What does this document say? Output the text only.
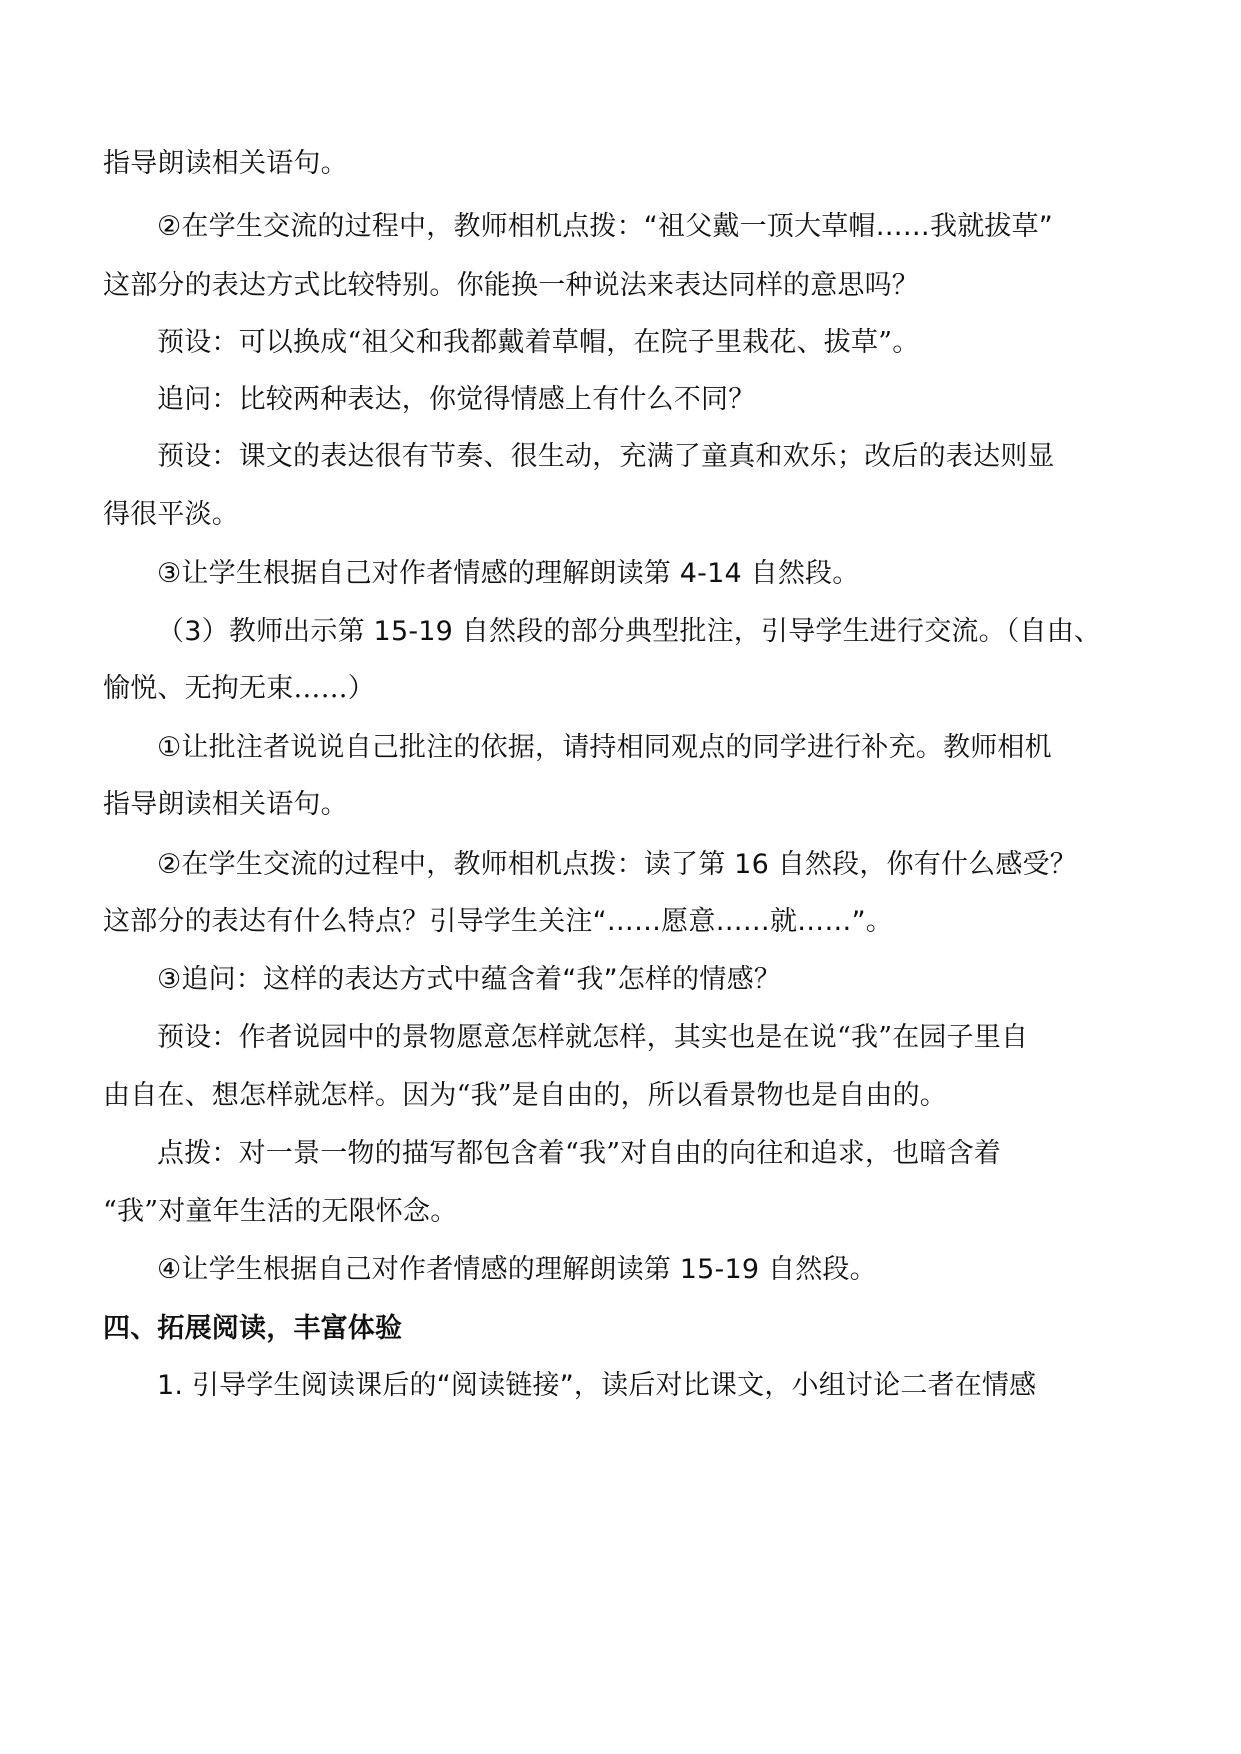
指导朗读相关语句。
②在学生交流的过程中，教师相机点拨：“祖父戴一顶大草帽……我就拔草”
这部分的表达方式比较特别。你能换一种说法来表达同样的意思吗？
预设：可以换成“祖父和我都戴着草帽，在院子里栽花、拔草”。
追问：比较两种表达，你觉得情感上有什么不同？
预设：课文的表达很有节奏、很生动，充满了童真和欢乐；改后的表达则显
得很平淡。
③让学生根据自己对作者情感的理解朗读第 4-14 自然段。
（3）教师出示第 15-19 自然段的部分典型批注，引导学生进行交流。（自由、
愉悦、无拘无束……）
①让批注者说说自己批注的依据，请持相同观点的同学进行补充。教师相机
指导朗读相关语句。
②在学生交流的过程中，教师相机点拨：读了第 16 自然段，你有什么感受？
这部分的表达有什么特点？引导学生关注“……愿意……就……”。
③追问：这样的表达方式中蕴含着“我”怎样的情感？
预设：作者说园中的景物愿意怎样就怎样，其实也是在说“我”在园子里自
由自在、想怎样就怎样。因为“我”是自由的，所以看景物也是自由的。
点拨：对一景一物的描写都包含着“我”对自由的向往和追求，也暗含着
“我”对童年生活的无限怀念。
④让学生根据自己对作者情感的理解朗读第 15-19 自然段。
四、拓展阅读，丰富体验
1. 引导学生阅读课后的“阅读链接”，读后对比课文，小组讨论二者在情感
